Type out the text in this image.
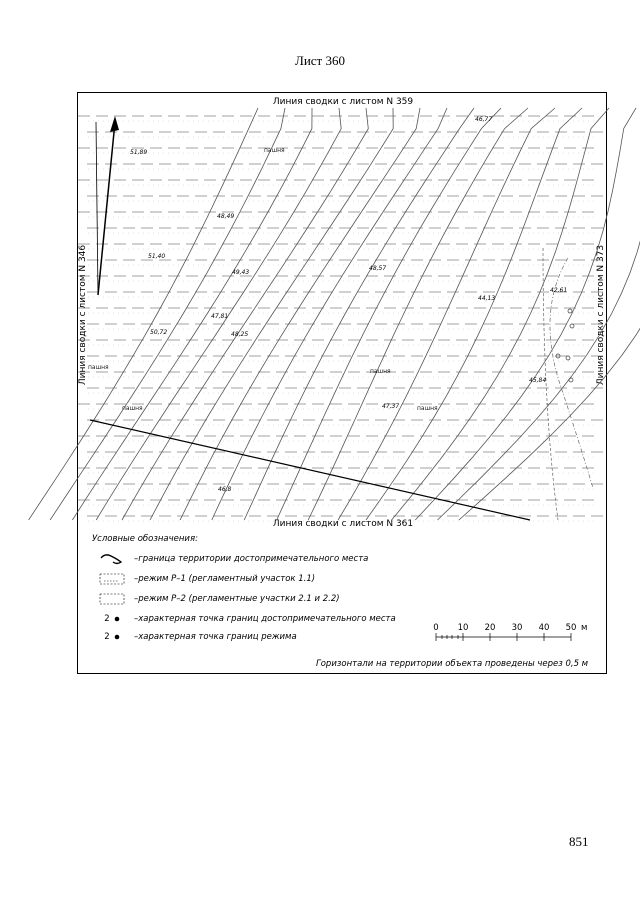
Лист 360
Линия сводки с листом N 359
Линия сводки с листом N 361
Линия сводки с листом N 346	Линия сводки с листом N 373
46,77
51,89
48,49
51,40
49,43
48,57
44,13
47,81
48,25
50,72
42,61
45,84
47,37
46,8
пашня
пашня
пашня
пашня	пашня
Условные обозначения:
–граница территории достопримечательного места
–режим Р–1 (регламентный участок 1.1)
–режим Р–2 (регламентные участки 2.1 и 2.2)
2	–характерная точка границ достопримечательного места
2	–характерная точка границ режима
0 10 20 30 40 50 м
Горизонтали на территории объекта проведены через 0,5 м
851
